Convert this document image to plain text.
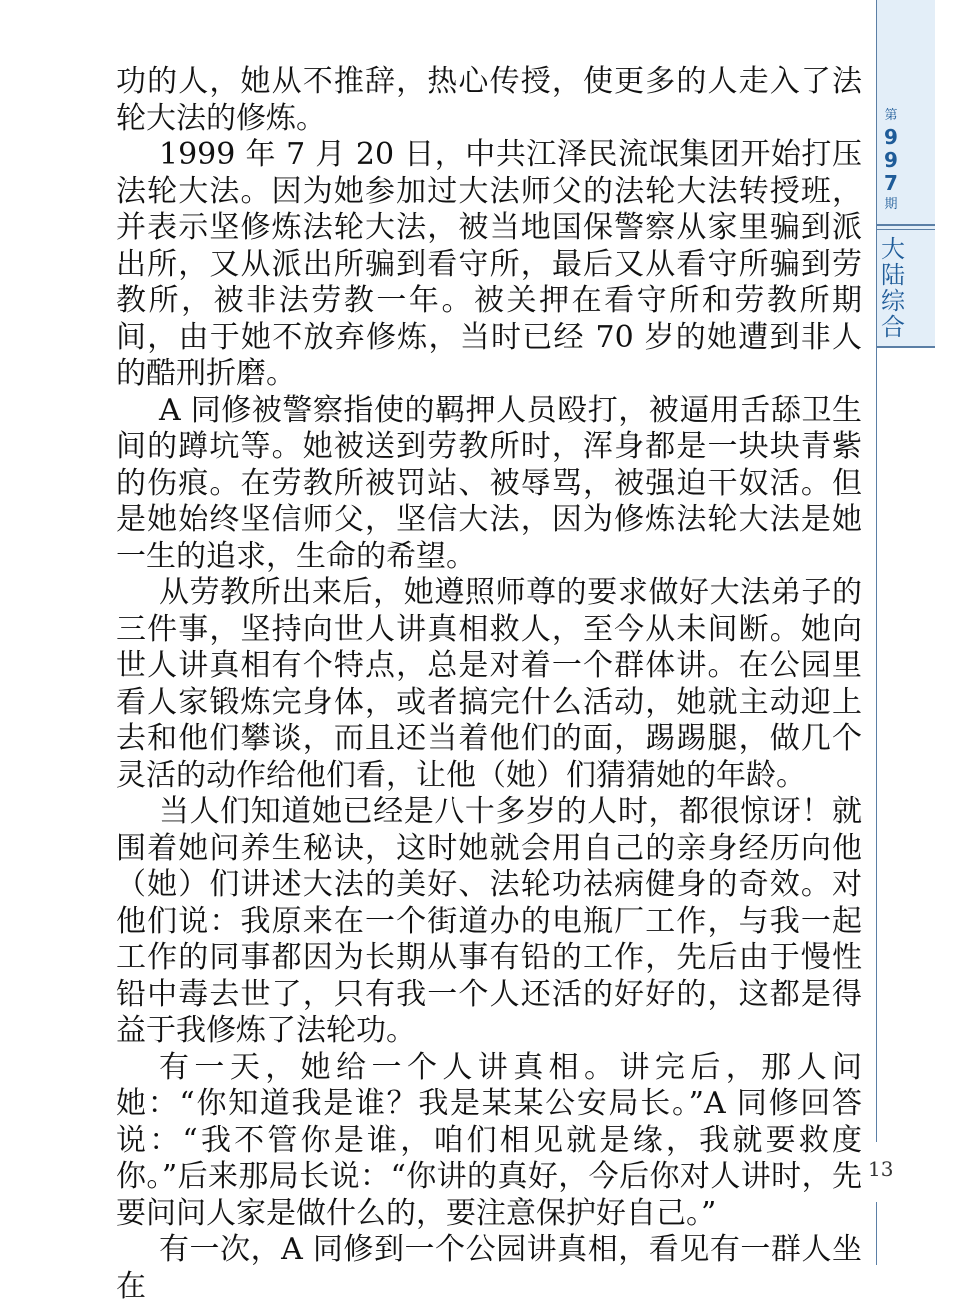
功的人，她从不推辞，热心传授，使更多的人走入了法轮大法的修炼。

1999 年 7 月 20 日，中共江泽民流氓集团开始打压法轮大法。因为她参加过大法师父的法轮大法转授班，并表示坚修炼法轮大法，被当地国保警察从家里骗到派出所，又从派出所骗到看守所，最后又从看守所骗到劳教所，被非法劳教一年。被关押在看守所和劳教所期间，由于她不放弃修炼，当时已经 70 岁的她遭到非人的酷刑折磨。

A 同修被警察指使的羁押人员殴打，被逼用舌舔卫生间的蹲坑等。她被送到劳教所时，浑身都是一块块青紫的伤痕。在劳教所被罚站、被辱骂，被强迫干奴活。但是她始终坚信师父，坚信大法，因为修炼法轮大法是她一生的追求，生命的希望。

从劳教所出来后，她遵照师尊的要求做好大法弟子的三件事，坚持向世人讲真相救人，至今从未间断。她向世人讲真相有个特点，总是对着一个群体讲。在公园里看人家锻炼完身体，或者搞完什么活动，她就主动迎上去和他们攀谈，而且还当着他们的面，踢踢腿，做几个灵活的动作给他们看，让他（她）们猜猜她的年龄。

当人们知道她已经是八十多岁的人时，都很惊讶！就围着她问养生秘诀，这时她就会用自己的亲身经历向他（她）们讲述大法的美好、法轮功祛病健身的奇效。对他们说：我原来在一个街道办的电瓶厂工作，与我一起工作的同事都因为长期从事有铅的工作，先后由于慢性铅中毒去世了，只有我一个人还活的好好的，这都是得益于我修炼了法轮功。

有一天，她给一个人讲真相。讲完后，那人问她：“你知道我是谁？我是某某公安局长。”A 同修回答说：“我不管你是谁，咱们相见就是缘，我就要救度你。”后来那局长说：“你讲的真好，今后你对人讲时，先要问问人家是做什么的，要注意保护好自己。”

有一次，A 同修到一个公园讲真相，看见有一群人坐在

第
9
9
7
期
大
陆
综
合
13
